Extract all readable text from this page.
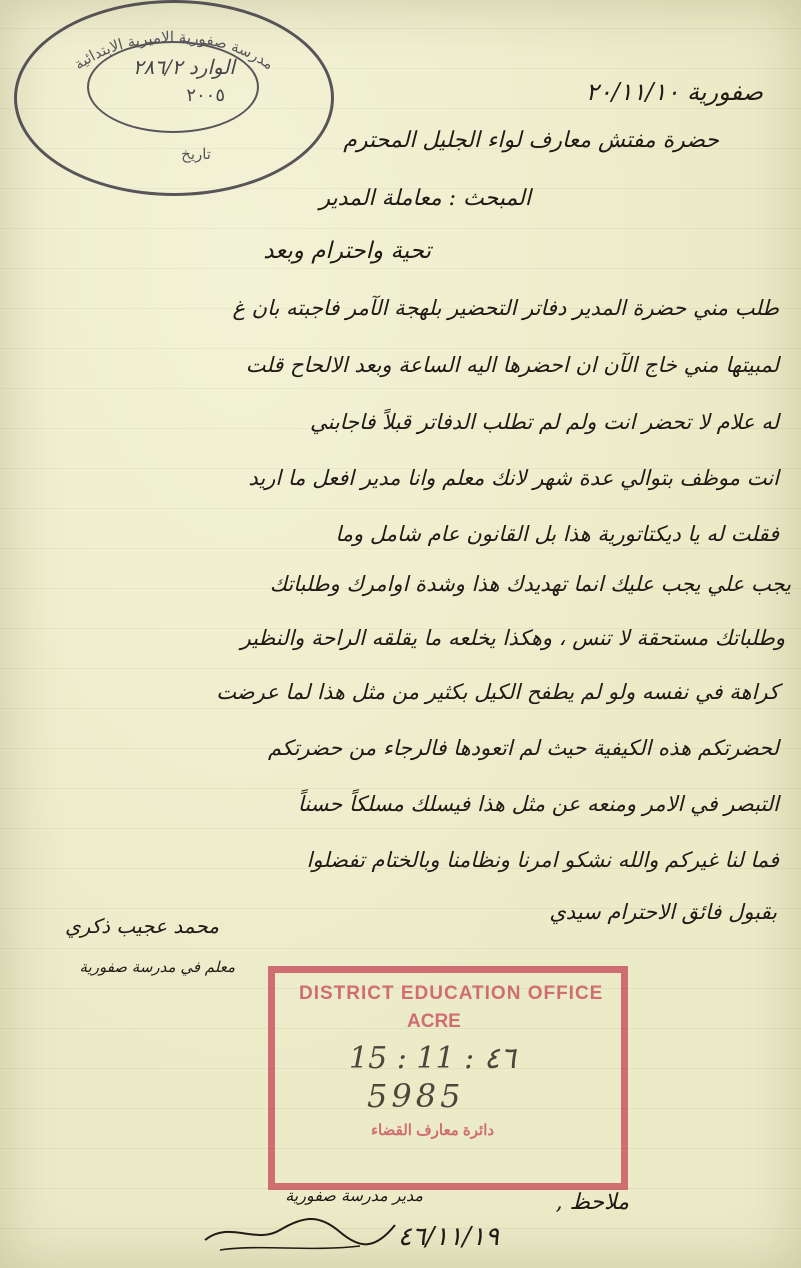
مدرسة صفورية الاميرية الابتدائية
الوارد ٢٨٦/٢
٢٠٠٥
تاريخ
صفورية ٢٠/١١/١٠
حضرة مفتش معارف لواء الجليل المحترم
المبحث : معاملة المدير
تحية واحترام وبعد
طلب مني حضرة المدير دفاتر التحضير بلهجة الآمر فاجبته بان غ
لمبيتها مني خاج الآن ان احضرها اليه الساعة وبعد الالحاح قلت
له علام لا تحضر انت ولم لم تطلب الدفاتر قبلاً فاجابني
انت موظف بتوالي عدة شهر لانك معلم وانا مدير افعل ما اريد
فقلت له يا ديكتاتورية هذا بل القانون عام شامل وما
يجب علي يجب عليك انما تهديدك هذا وشدة اوامرك وطلباتك
وطلباتك مستحقة لا تنس ، وهكذا يخلعه ما يقلقه الراحة والنظير
كراهة في نفسه ولو لم يطفح الكيل بكثير من مثل هذا لما عرضت
لحضرتكم هذه الكيفية حيث لم اتعودها فالرجاء من حضرتكم
التبصر في الامر ومنعه عن مثل هذا فيسلك مسلكاً حسناً
فما لنا غيركم والله نشكو امرنا ونظامنا وبالختام تفضلوا
بقبول فائق الاحترام سيدي
محمد عجيب ذكري
معلم في مدرسة صفورية
DISTRICT EDUCATION OFFICE
ACRE
15 : 11 : ٤٦
5985
دائرة معارف القضاء
ملاحظ ,
مدير مدرسة صفورية
٤٦/١١/١٩
